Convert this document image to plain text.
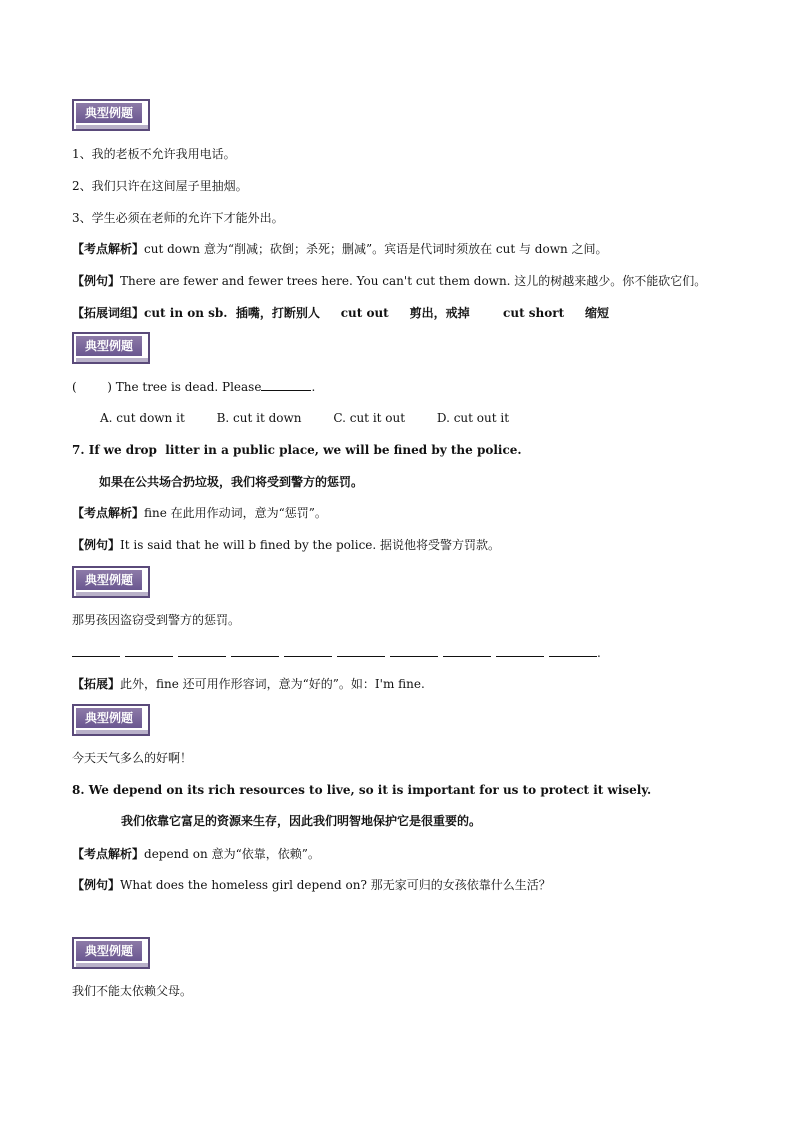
典型例题
1、我的老板不允许我用电话。
2、我们只许在这间屋子里抽烟。
3、学生必须在老师的允许下才能外出。
【考点解析】cut down 意为“削减；砍倒；杀死；删减”。宾语是代词时须放在 cut 与 down 之间。
【例句】There are fewer and fewer trees here. You can't cut them down. 这儿的树越来越少。你不能砍它们。
【拓展词组】cut in on sb.  插嘴，打断别人     cut out     剪出，戒掉        cut short     缩短
典型例题
(        ) The tree is dead. Please	.
A. cut down it	B. cut it down	C. cut it out	D. cut out it
7. If we drop  litter in a public place, we will be fined by the police.
如果在公共场合扔垃圾，我们将受到警方的惩罚。
【考点解析】fine 在此用作动词，意为“惩罚”。
【例句】It is said that he will b fined by the police. 据说他将受警方罚款。
典型例题
那男孩因盗窃受到警方的惩罚。
.
【拓展】此外，fine 还可用作形容词，意为“好的”。如：I'm fine.
典型例题
今天天气多么的好啊！
8. We depend on its rich resources to live, so it is important for us to protect it wisely.
我们依靠它富足的资源来生存，因此我们明智地保护它是很重要的。
【考点解析】depend on 意为“依靠，依赖”。
【例句】What does the homeless girl depend on? 那无家可归的女孩依靠什么生活？
典型例题
我们不能太依赖父母。
